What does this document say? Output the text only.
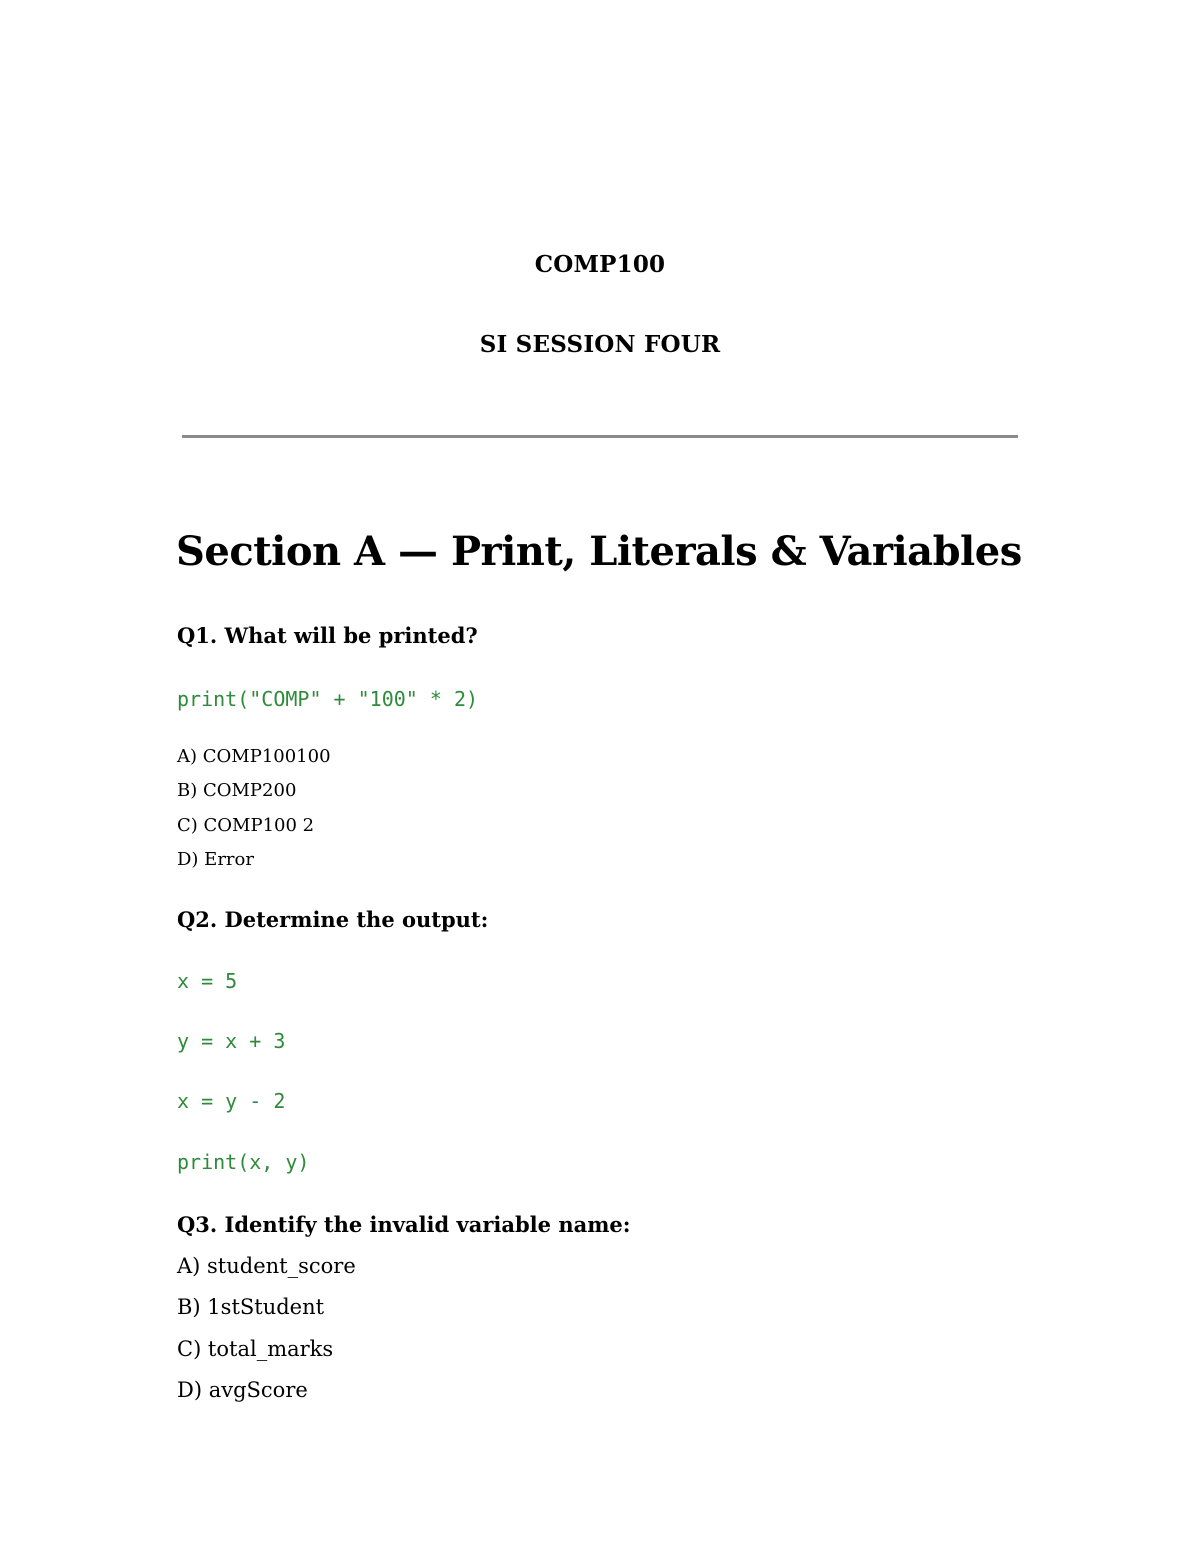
COMP100
SI SESSION FOUR
Section A — Print, Literals & Variables
Q1. What will be printed?
print("COMP" + "100" * 2)
A) COMP100100
B) COMP200
C) COMP100 2
D) Error
Q2. Determine the output:
x = 5
y = x + 3
x = y - 2
print(x, y)
Q3. Identify the invalid variable name:
A) student_score
B) 1stStudent
C) total_marks
D) avgScore
